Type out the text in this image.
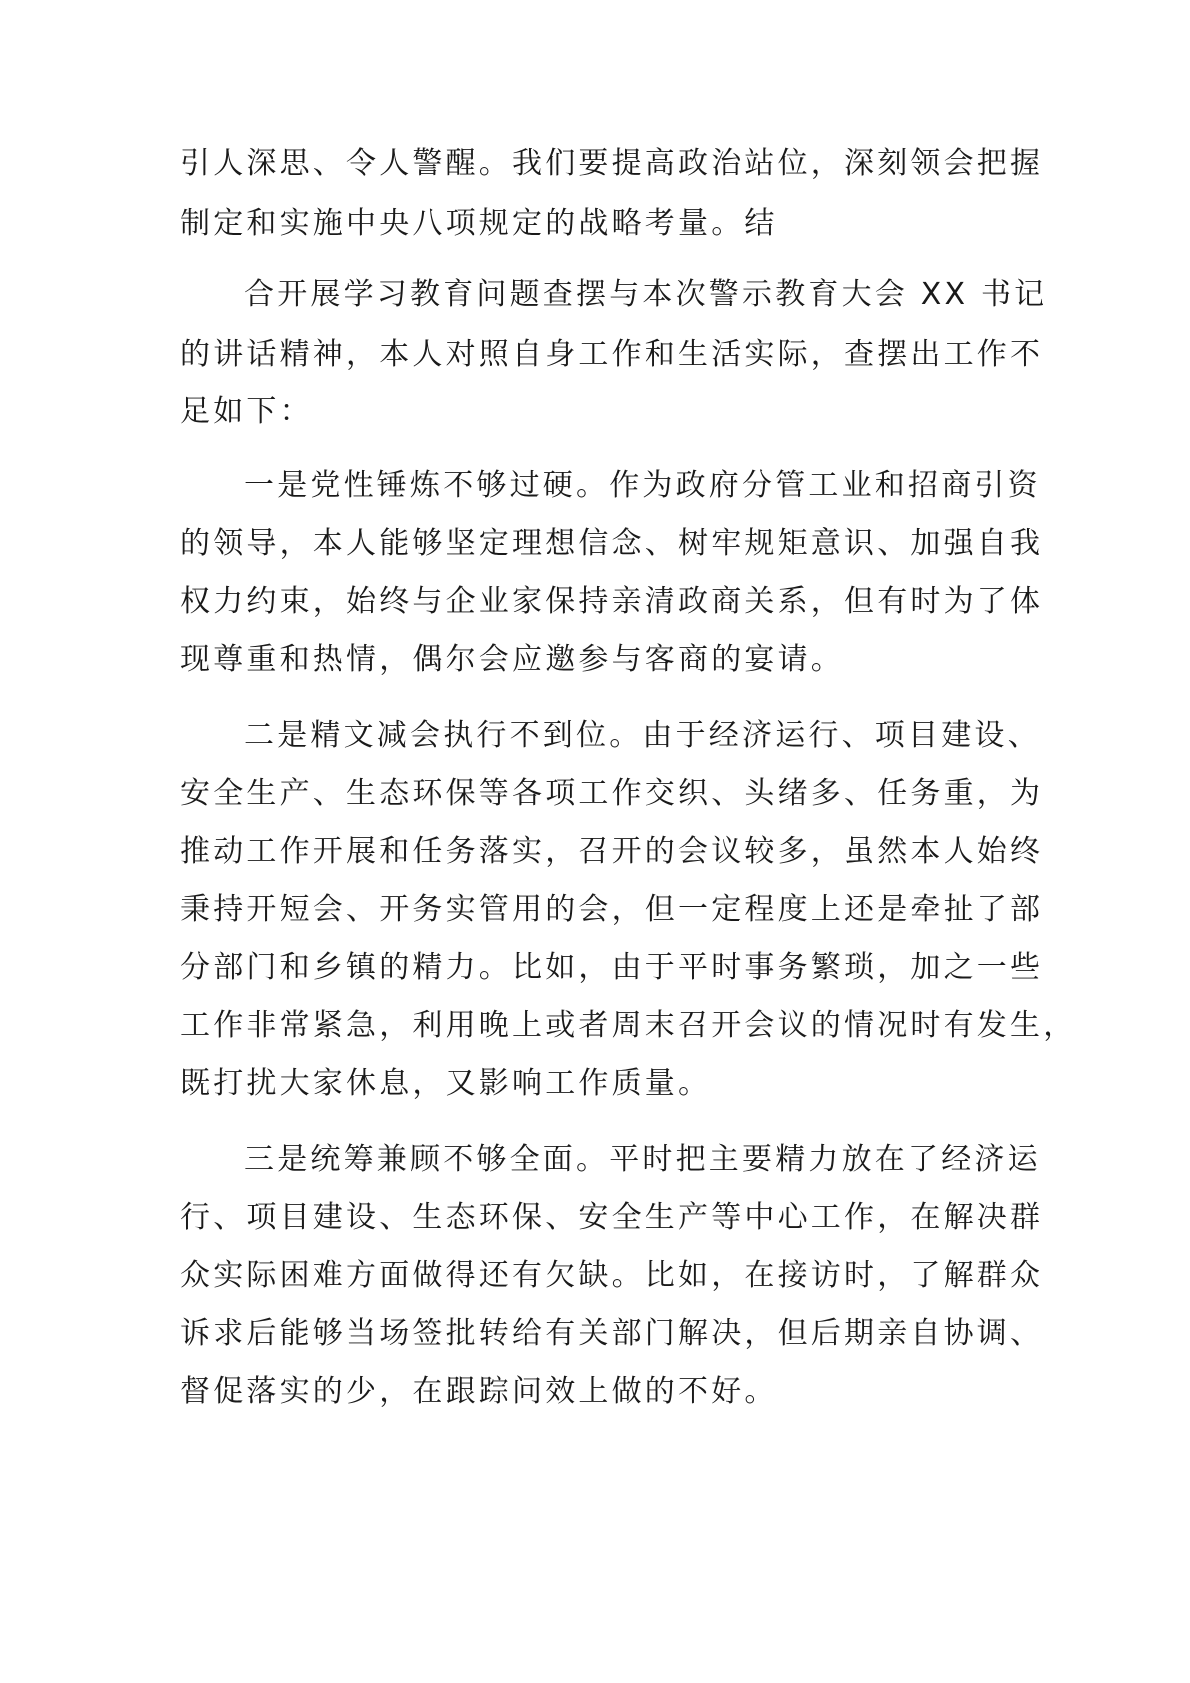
引人深思、令人警醒。我们要提高政治站位，深刻领会把握

制定和实施中央八项规定的战略考量。结

合开展学习教育问题查摆与本次警示教育大会 XX 书记

的讲话精神，本人对照自身工作和生活实际，查摆出工作不

足如下：

一是党性锤炼不够过硬。作为政府分管工业和招商引资

的领导，本人能够坚定理想信念、树牢规矩意识、加强自我

权力约束，始终与企业家保持亲清政商关系，但有时为了体

现尊重和热情，偶尔会应邀参与客商的宴请。

二是精文减会执行不到位。由于经济运行、项目建设、

安全生产、生态环保等各项工作交织、头绪多、任务重，为

推动工作开展和任务落实，召开的会议较多，虽然本人始终

秉持开短会、开务实管用的会，但一定程度上还是牵扯了部

分部门和乡镇的精力。比如，由于平时事务繁琐，加之一些

工作非常紧急，利用晚上或者周末召开会议的情况时有发生，

既打扰大家休息，又影响工作质量。

三是统筹兼顾不够全面。平时把主要精力放在了经济运

行、项目建设、生态环保、安全生产等中心工作，在解决群

众实际困难方面做得还有欠缺。比如，在接访时，了解群众

诉求后能够当场签批转给有关部门解决，但后期亲自协调、

督促落实的少，在跟踪问效上做的不好。
